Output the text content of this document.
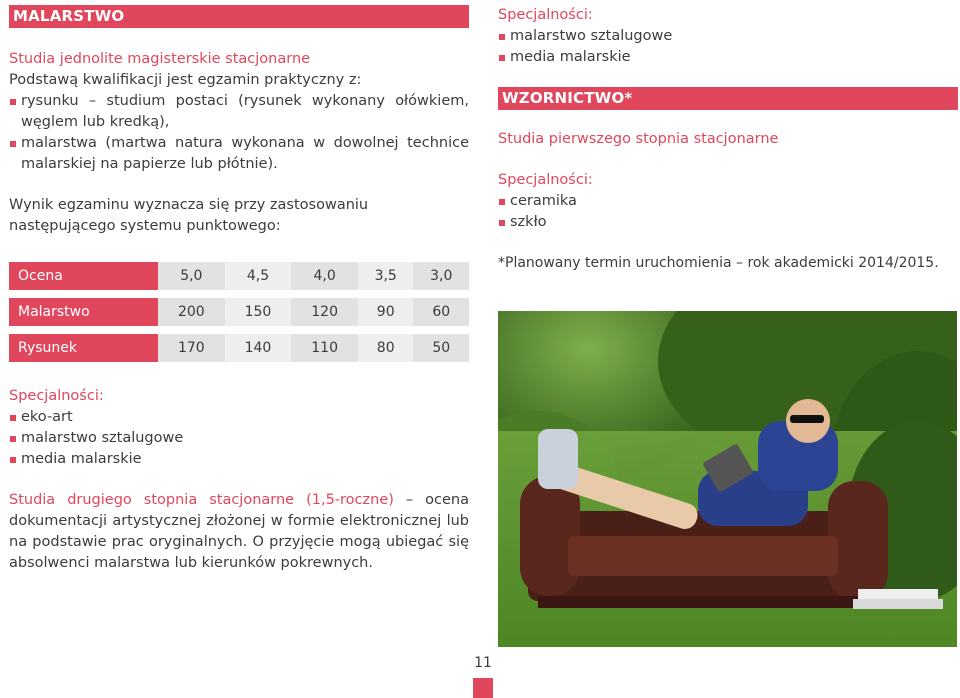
MALARSTWO

Studia jednolite magisterskie stacjonarne

Podstawą kwalifikacji jest egzamin praktyczny z:

rysunku – studium postaci (rysunek wykonany ołówkiem, węglem lub kredką),

malarstwa (martwa natura wykonana w dowolnej technice malarskiej na papierze lub płótnie).

Wynik egzaminu wyznacza się przy zastosowaniu następującego systemu punktowego:

Ocena	5,0	4,5	4,0	3,5	3,0

Malarstwo	200	150	120	90	60

Rysunek	170	140	110	80	50

Specjalności:

eko-art

malarstwo sztalugowe

media malarskie

Studia drugiego stopnia stacjonarne (1,5-roczne) – ocena dokumentacji artystycznej złożonej w formie elektronicznej lub na podstawie prac oryginalnych. O przyjęcie mogą ubiegać się absolwenci malarstwa lub kierunków pokrewnych.

Specjalności:

malarstwo sztalugowe

media malarskie

WZORNICTWO*

Studia pierwszego stopnia stacjonarne

Specjalności:

ceramika

szkło

*Planowany termin uruchomienia – rok akademicki 2014/2015.

11
